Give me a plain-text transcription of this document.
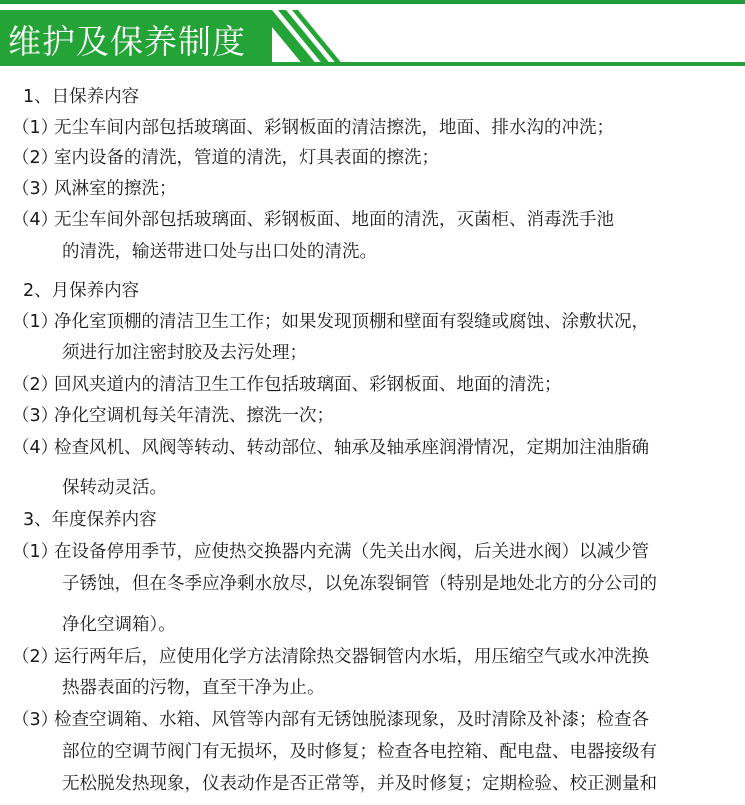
维护及保养制度
1、日保养内容
（1）无尘车间内部包括玻璃面、彩钢板面的清洁擦洗，地面、排水沟的冲洗；
（2）室内设备的清洗，管道的清洗，灯具表面的擦洗；
（3）风淋室的擦洗；
（4）无尘车间外部包括玻璃面、彩钢板面、地面的清洗，灭菌柜、消毒洗手池
的清洗，输送带进口处与出口处的清洗。
2、月保养内容
（1）净化室顶棚的清洁卫生工作；如果发现顶棚和壁面有裂缝或腐蚀、涂敷状况，
须进行加注密封胶及去污处理；
（2）回风夹道内的清洁卫生工作包括玻璃面、彩钢板面、地面的清洗；
（3）净化空调机每关年清洗、擦洗一次；
（4）检查风机、风阀等转动、转动部位、轴承及轴承座润滑情况，定期加注油脂确
保转动灵活。
3、年度保养内容
（1）在设备停用季节，应使热交换器内充满（先关出水阀，后关进水阀）以减少管
子锈蚀，但在冬季应净剩水放尽，以免冻裂铜管（特别是地处北方的分公司的
净化空调箱）。
（2）运行两年后，应使用化学方法清除热交器铜管内水垢，用压缩空气或水冲洗换
热器表面的污物，直至干净为止。
（3）检查空调箱、水箱、风管等内部有无锈蚀脱漆现象，及时清除及补漆；检查各
部位的空调节阀门有无损坏，及时修复；检查各电控箱、配电盘、电器接级有
无松脱发热现象，仪表动作是否正常等，并及时修复；定期检验、校正测量和
